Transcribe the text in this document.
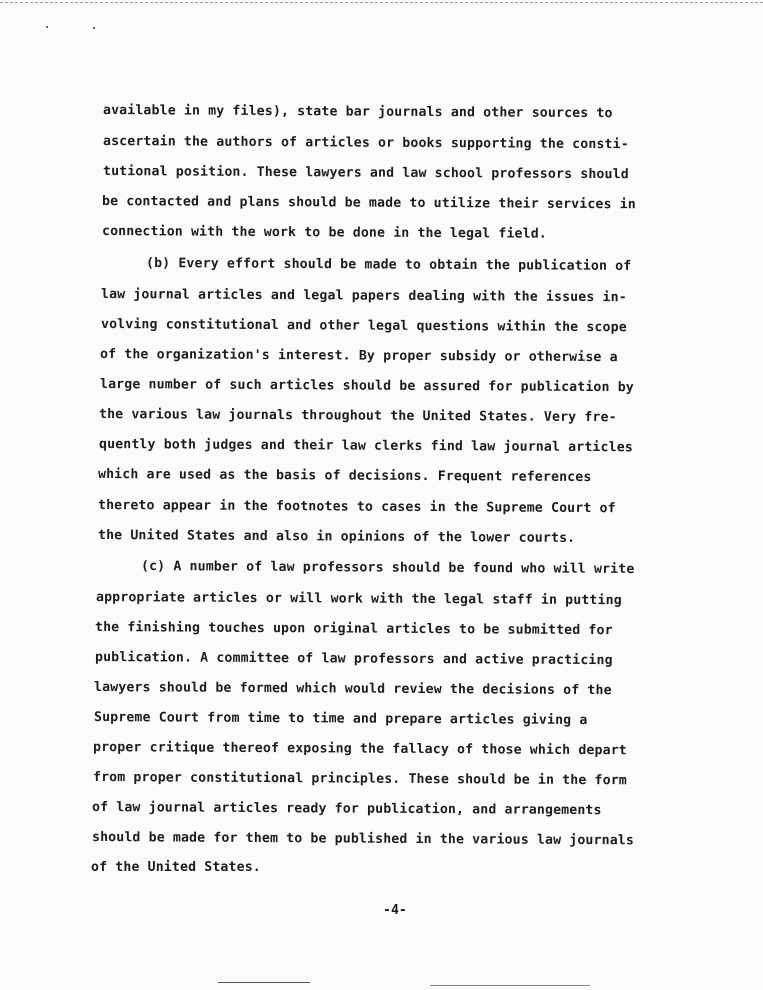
available in my files), state bar journals and other sources to
ascertain the authors of articles or books supporting the consti-
tutional position. These lawyers and law school professors should
be contacted and plans should be made to utilize their services in
connection with the work to be done in the legal field.
(b) Every effort should be made to obtain the publication of
law journal articles and legal papers dealing with the issues in-
volving constitutional and other legal questions within the scope
of the organization's interest. By proper subsidy or otherwise a
large number of such articles should be assured for publication by
the various law journals throughout the United States. Very fre-
quently both judges and their law clerks find law journal articles
which are used as the basis of decisions. Frequent references
thereto appear in the footnotes to cases in the Supreme Court of
the United States and also in opinions of the lower courts.
(c) A number of law professors should be found who will write
appropriate articles or will work with the legal staff in putting
the finishing touches upon original articles to be submitted for
publication. A committee of law professors and active practicing
lawyers should be formed which would review the decisions of the
Supreme Court from time to time and prepare articles giving a
proper critique thereof exposing the fallacy of those which depart
from proper constitutional principles. These should be in the form
of law journal articles ready for publication, and arrangements
should be made for them to be published in the various law journals
of the United States.
-4-
